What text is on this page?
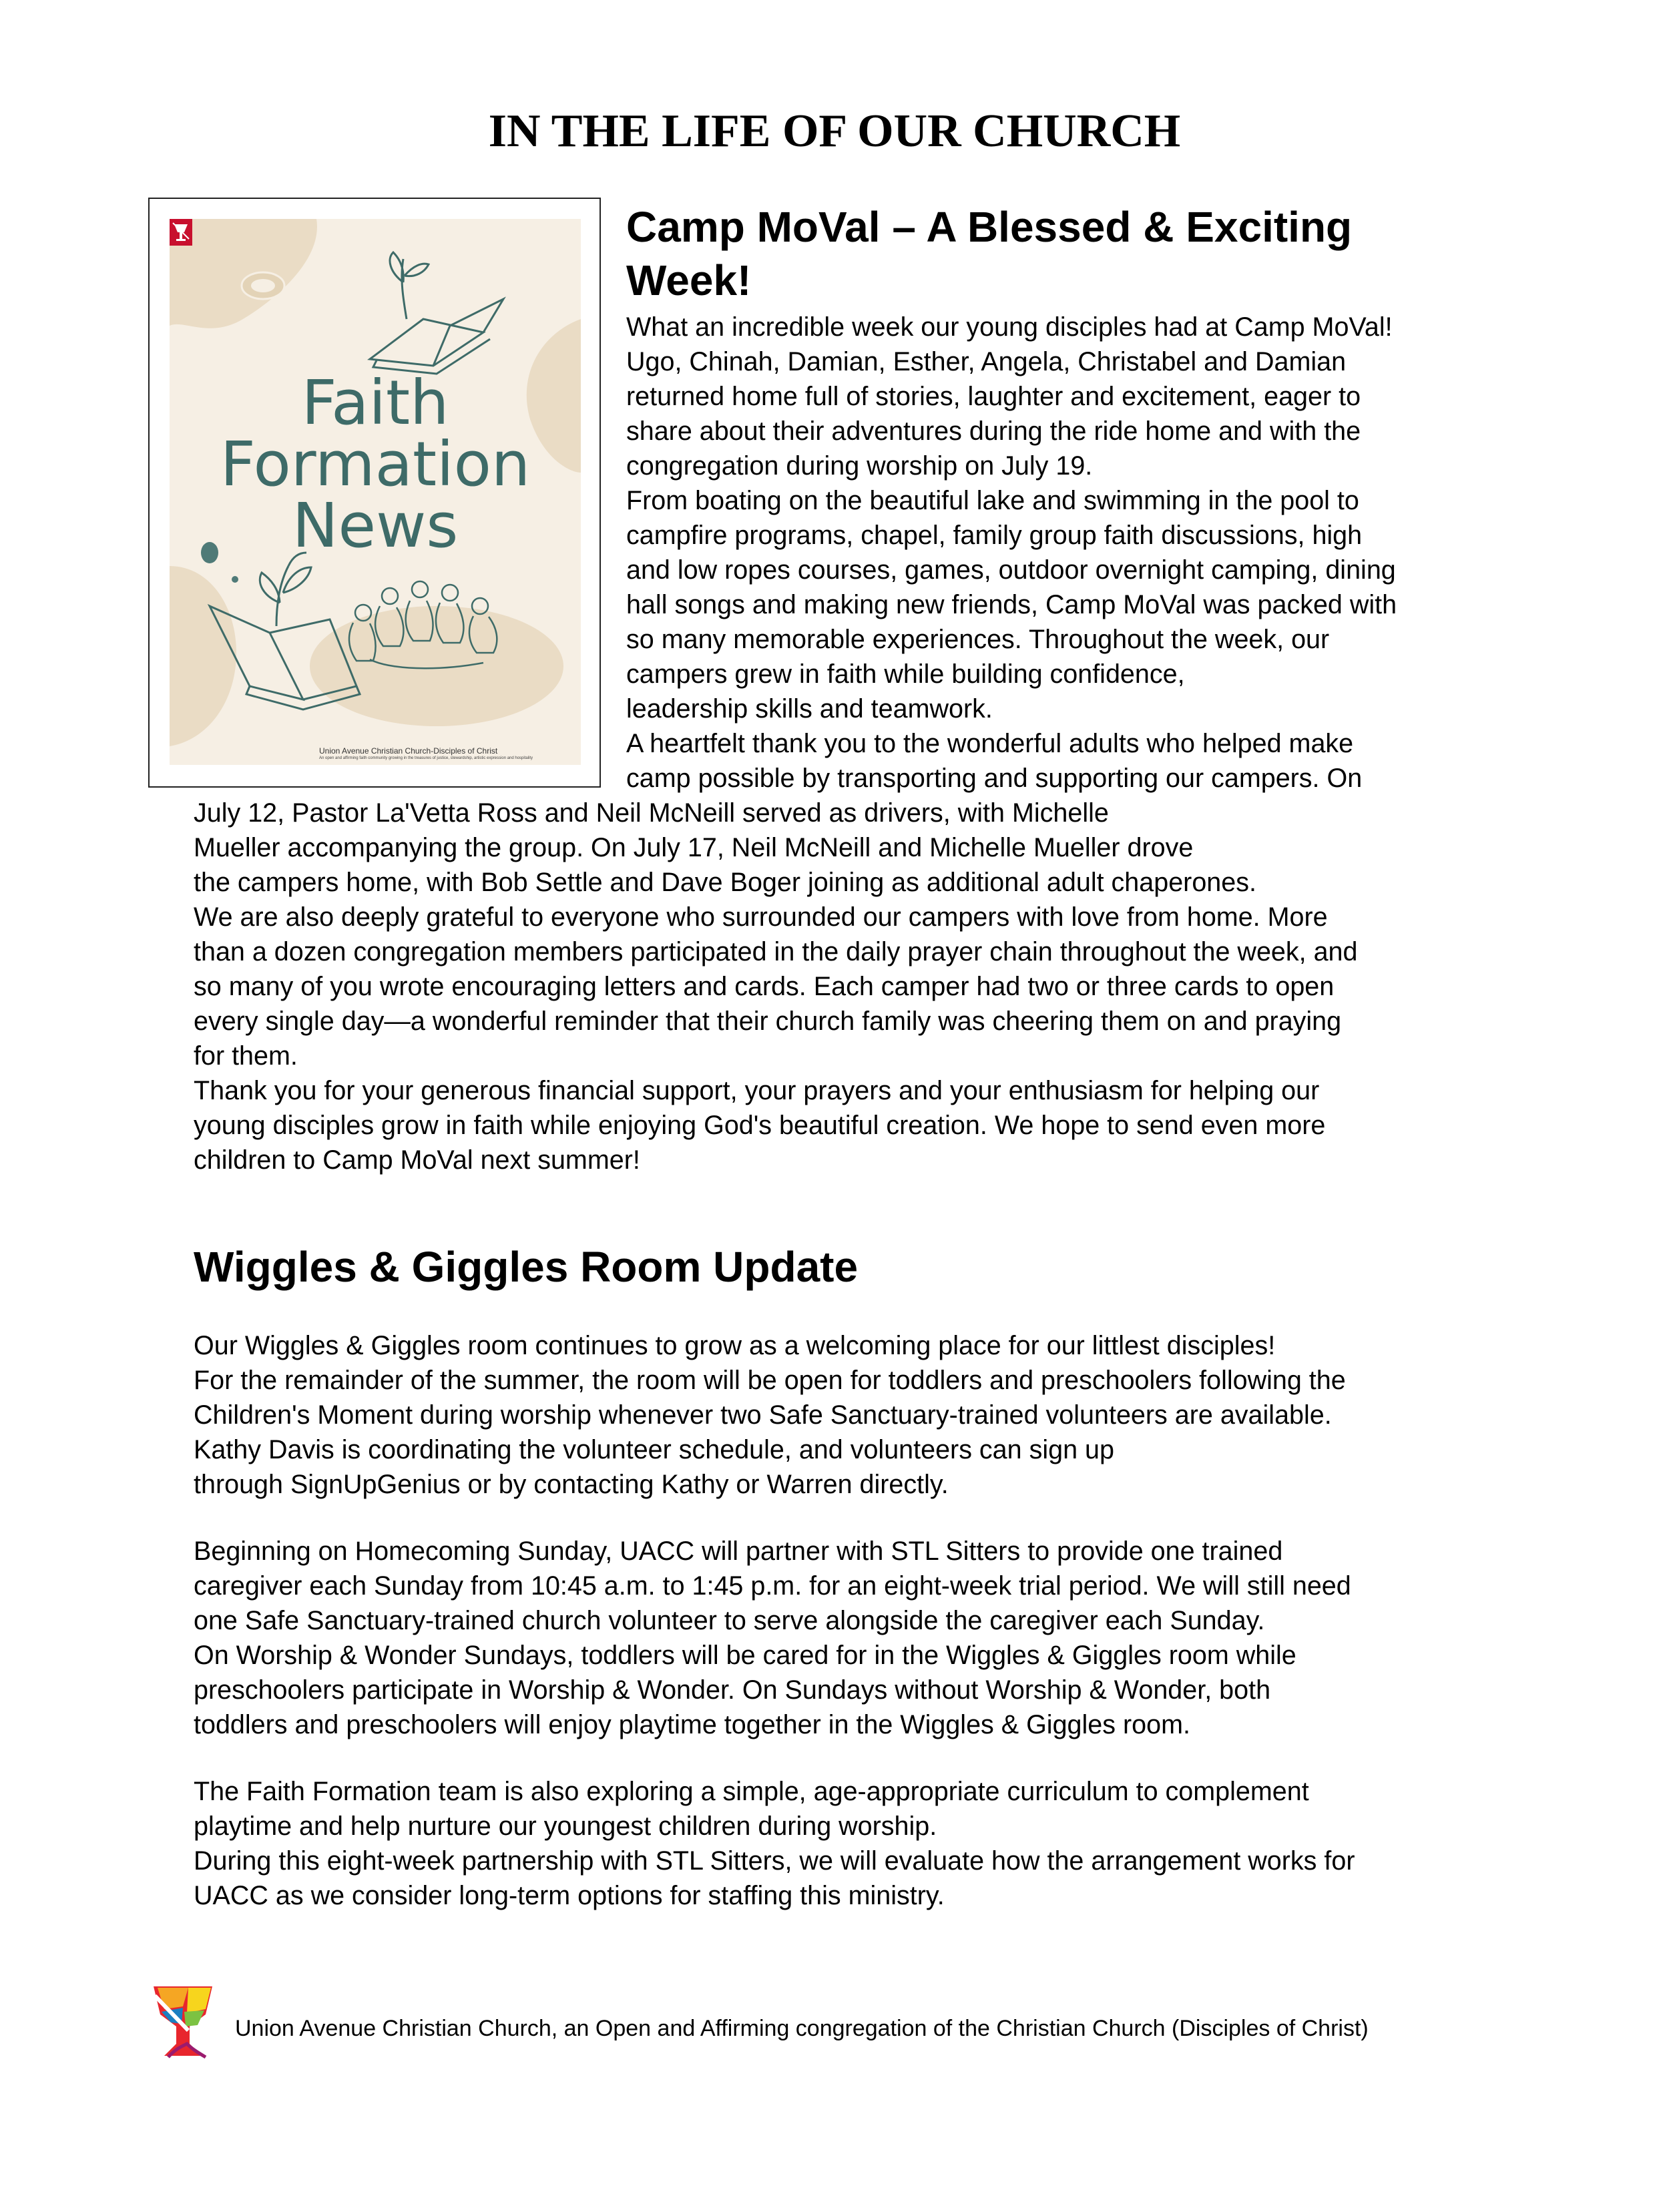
IN THE LIFE OF OUR CHURCH
Faith
Formation
News
Union Avenue Christian Church-Disciples of Christ
An open and affirming faith community growing in the treasures of justice, stewardship, artistic expression and hospitality
Camp MoVal – A Blessed & Exciting
Week!
What an incredible week our young disciples had at Camp MoVal!
Ugo, Chinah, Damian, Esther, Angela, Christabel and Damian
returned home full of stories, laughter and excitement, eager to
share about their adventures during the ride home and with the
congregation during worship on July 19.
From boating on the beautiful lake and swimming in the pool to
campfire programs, chapel, family group faith discussions, high
and low ropes courses, games, outdoor overnight camping, dining
hall songs and making new friends, Camp MoVal was packed with
so many memorable experiences. Throughout the week, our
campers grew in faith while building confidence,
leadership skills and teamwork.
A heartfelt thank you to the wonderful adults who helped make
camp possible by transporting and supporting our campers. On
July 12, Pastor La'Vetta Ross and Neil McNeill served as drivers, with Michelle
Mueller accompanying the group. On July 17, Neil McNeill and Michelle Mueller drove
the campers home, with Bob Settle and Dave Boger joining as additional adult chaperones.
We are also deeply grateful to everyone who surrounded our campers with love from home. More
than a dozen congregation members participated in the daily prayer chain throughout the week, and
so many of you wrote encouraging letters and cards. Each camper had two or three cards to open
every single day—a wonderful reminder that their church family was cheering them on and praying
for them.
Thank you for your generous financial support, your prayers and your enthusiasm for helping our
young disciples grow in faith while enjoying God's beautiful creation. We hope to send even more
children to Camp MoVal next summer!
Wiggles & Giggles Room Update
Our Wiggles & Giggles room continues to grow as a welcoming place for our littlest disciples!
For the remainder of the summer, the room will be open for toddlers and preschoolers following the
Children's Moment during worship whenever two Safe Sanctuary-trained volunteers are available.
Kathy Davis is coordinating the volunteer schedule, and volunteers can sign up
through SignUpGenius or by contacting Kathy or Warren directly.
Beginning on Homecoming Sunday, UACC will partner with STL Sitters to provide one trained
caregiver each Sunday from 10:45 a.m. to 1:45 p.m. for an eight-week trial period. We will still need
one Safe Sanctuary-trained church volunteer to serve alongside the caregiver each Sunday.
On Worship & Wonder Sundays, toddlers will be cared for in the Wiggles & Giggles room while
preschoolers participate in Worship & Wonder. On Sundays without Worship & Wonder, both
toddlers and preschoolers will enjoy playtime together in the Wiggles & Giggles room.
The Faith Formation team is also exploring a simple, age-appropriate curriculum to complement
playtime and help nurture our youngest children during worship.
During this eight-week partnership with STL Sitters, we will evaluate how the arrangement works for
UACC as we consider long-term options for staffing this ministry.
Union Avenue Christian Church, an Open and Affirming congregation of the Christian Church (Disciples of Christ)
